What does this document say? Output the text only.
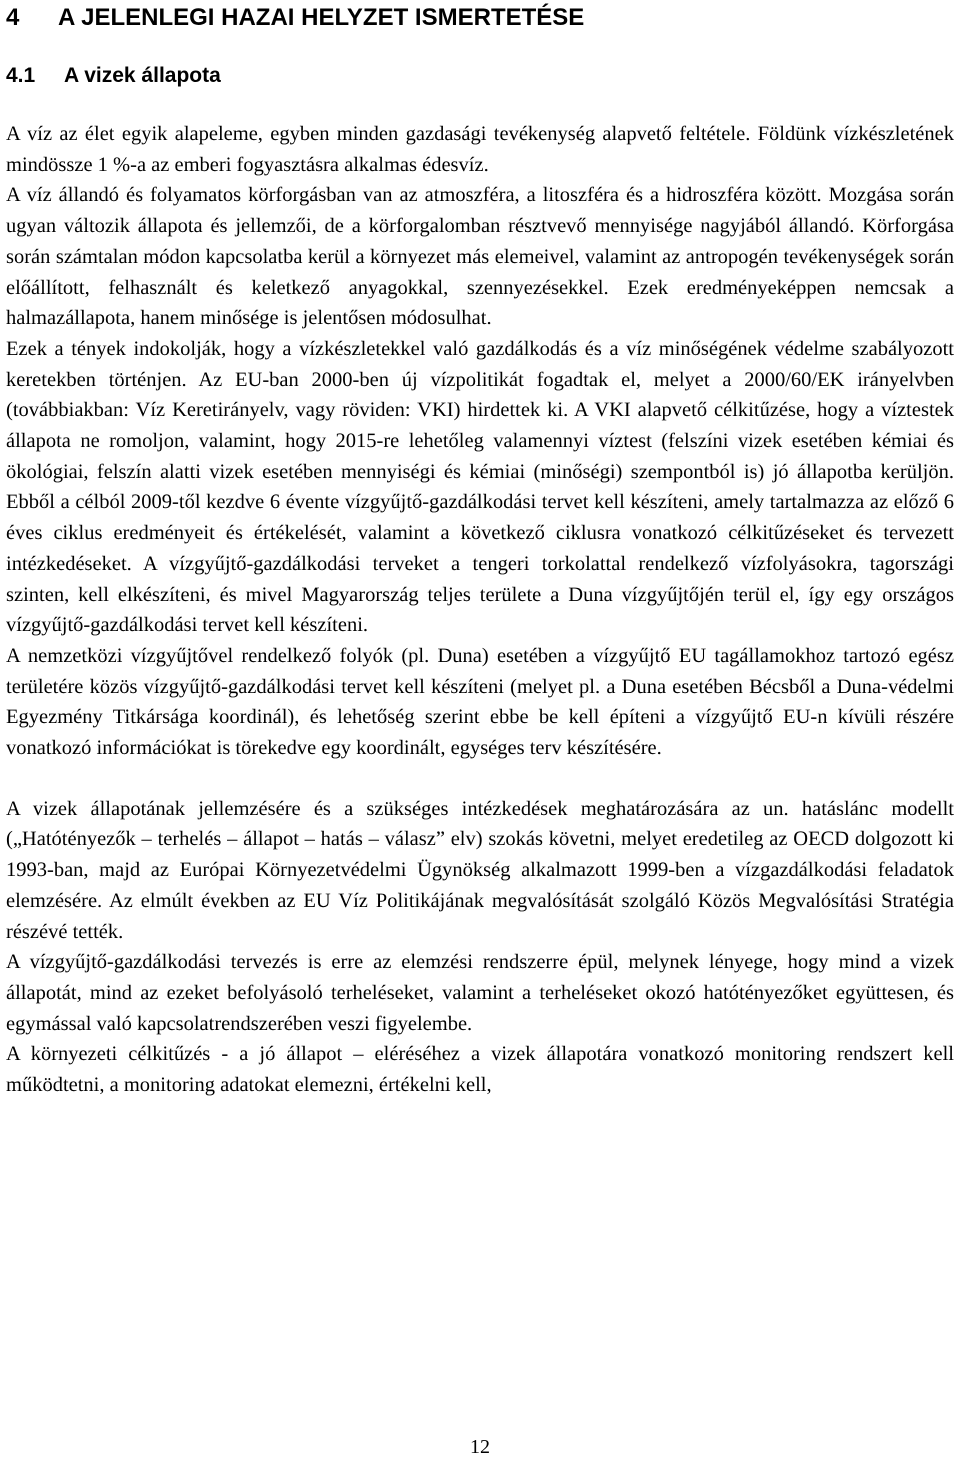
4 A JELENLEGI HAZAI HELYZET ISMERTETÉSE
4.1 A vizek állapota

A víz az élet egyik alapeleme, egyben minden gazdasági tevékenység alapvető feltétele. Földünk vízkészletének mindössze 1 %-a az emberi fogyasztásra alkalmas édesvíz.

A víz állandó és folyamatos körforgásban van az atmoszféra, a litoszféra és a hidroszféra között. Mozgása során ugyan változik állapota és jellemzői, de a körforgalomban résztvevő mennyisége nagyjából állandó. Körforgása során számtalan módon kapcsolatba kerül a környezet más elemeivel, valamint az antropogén tevékenységek során előállított, felhasznált és keletkező anyagokkal, szennyezésekkel. Ezek eredményeképpen nemcsak a halmazállapota, hanem minősége is jelentősen módosulhat.

Ezek a tények indokolják, hogy a vízkészletekkel való gazdálkodás és a víz minőségének védelme szabályozott keretekben történjen. Az EU-ban 2000-ben új vízpolitikát fogadtak el, melyet a 2000/60/EK irányelvben (továbbiakban: Víz Keretirányelv, vagy röviden: VKI) hirdettek ki. A VKI alapvető célkitűzése, hogy a víztestek állapota ne romoljon, valamint, hogy 2015-re lehetőleg valamennyi víztest (felszíni vizek esetében kémiai és ökológiai, felszín alatti vizek esetében mennyiségi és kémiai (minőségi) szempontból is) jó állapotba kerüljön. Ebből a célból 2009-től kezdve 6 évente vízgyűjtő-gazdálkodási tervet kell készíteni, amely tartalmazza az előző 6 éves ciklus eredményeit és értékelését, valamint a következő ciklusra vonatkozó célkitűzéseket és tervezett intézkedéseket. A vízgyűjtő-gazdálkodási terveket a tengeri torkolattal rendelkező vízfolyásokra, tagországi szinten, kell elkészíteni, és mivel Magyarország teljes területe a Duna vízgyűjtőjén terül el, így egy országos vízgyűjtő-gazdálkodási tervet kell készíteni.

A nemzetközi vízgyűjtővel rendelkező folyók (pl. Duna) esetében a vízgyűjtő EU tagállamokhoz tartozó egész területére közös vízgyűjtő-gazdálkodási tervet kell készíteni (melyet pl. a Duna esetében Bécsből a Duna-védelmi Egyezmény Titkársága koordinál), és lehetőség szerint ebbe be kell építeni a vízgyűjtő EU-n kívüli részére vonatkozó információkat is törekedve egy koordinált, egységes terv készítésére.

A vizek állapotának jellemzésére és a szükséges intézkedések meghatározására az un. hatáslánc modellt („Hatótényezők – terhelés – állapot – hatás – válasz” elv) szokás követni, melyet eredetileg az OECD dolgozott ki 1993-ban, majd az Európai Környezetvédelmi Ügynökség alkalmazott 1999-ben a vízgazdálkodási feladatok elemzésére. Az elmúlt években az EU Víz Politikájának megvalósítását szolgáló Közös Megvalósítási Stratégia részévé tették.

A vízgyűjtő-gazdálkodási tervezés is erre az elemzési rendszerre épül, melynek lényege, hogy mind a vizek állapotát, mind az ezeket befolyásoló terheléseket, valamint a terheléseket okozó hatótényezőket együttesen, és egymással való kapcsolatrendszerében veszi figyelembe.

A környezeti célkitűzés - a jó állapot – eléréséhez a vizek állapotára vonatkozó monitoring rendszert kell működtetni, a monitoring adatokat elemezni, értékelni kell,

12
